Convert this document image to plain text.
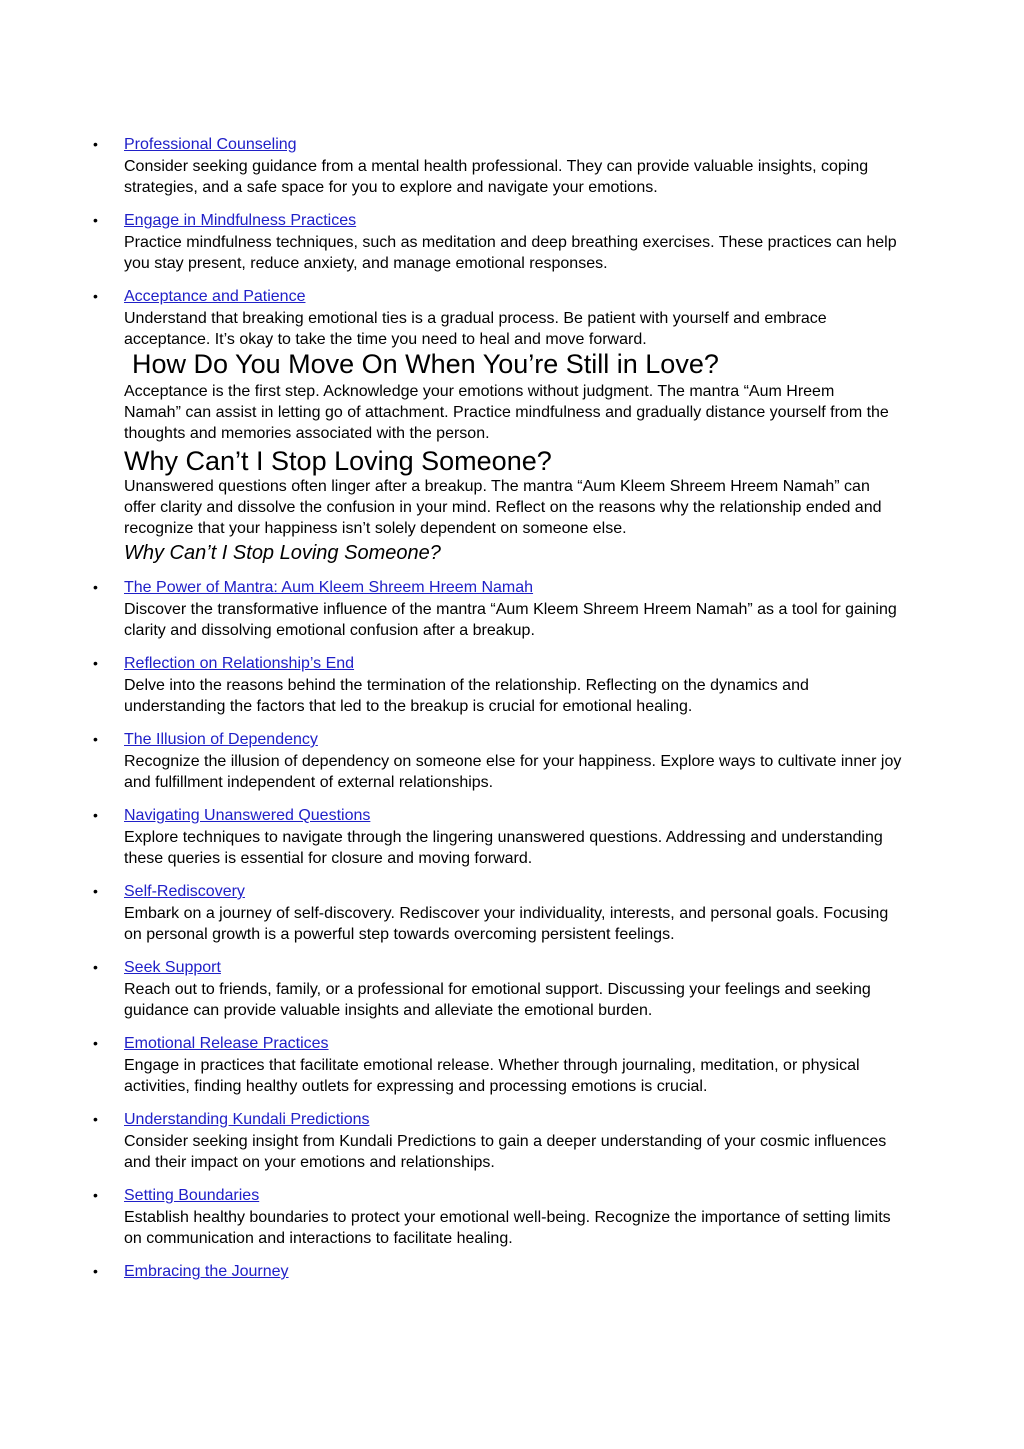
• Professional Counseling
Consider seeking guidance from a mental health professional. They can provide valuable insights, coping strategies, and a safe space for you to explore and navigate your emotions.
• Engage in Mindfulness Practices
Practice mindfulness techniques, such as meditation and deep breathing exercises. These practices can help you stay present, reduce anxiety, and manage emotional responses.
• Acceptance and Patience
Understand that breaking emotional ties is a gradual process. Be patient with yourself and embrace acceptance. It’s okay to take the time you need to heal and move forward.
How Do You Move On When You’re Still in Love?

Acceptance is the first step. Acknowledge your emotions without judgment. The mantra “Aum Hreem Namah” can assist in letting go of attachment. Practice mindfulness and gradually distance yourself from the thoughts and memories associated with the person.

Why Can’t I Stop Loving Someone?

Unanswered questions often linger after a breakup. The mantra “Aum Kleem Shreem Hreem Namah” can offer clarity and dissolve the confusion in your mind. Reflect on the reasons why the relationship ended and recognize that your happiness isn’t solely dependent on someone else.

Why Can’t I Stop Loving Someone?
• The Power of Mantra: Aum Kleem Shreem Hreem Namah
Discover the transformative influence of the mantra “Aum Kleem Shreem Hreem Namah” as a tool for gaining clarity and dissolving emotional confusion after a breakup.
• Reflection on Relationship’s End
Delve into the reasons behind the termination of the relationship. Reflecting on the dynamics and understanding the factors that led to the breakup is crucial for emotional healing.
• The Illusion of Dependency
Recognize the illusion of dependency on someone else for your happiness. Explore ways to cultivate inner joy and fulfillment independent of external relationships.
• Navigating Unanswered Questions
Explore techniques to navigate through the lingering unanswered questions. Addressing and understanding these queries is essential for closure and moving forward.
• Self-Rediscovery
Embark on a journey of self-discovery. Rediscover your individuality, interests, and personal goals. Focusing on personal growth is a powerful step towards overcoming persistent feelings.
• Seek Support
Reach out to friends, family, or a professional for emotional support. Discussing your feelings and seeking guidance can provide valuable insights and alleviate the emotional burden.
• Emotional Release Practices
Engage in practices that facilitate emotional release. Whether through journaling, meditation, or physical activities, finding healthy outlets for expressing and processing emotions is crucial.
• Understanding Kundali Predictions
Consider seeking insight from Kundali Predictions to gain a deeper understanding of your cosmic influences and their impact on your emotions and relationships.
• Setting Boundaries
Establish healthy boundaries to protect your emotional well-being. Recognize the importance of setting limits on communication and interactions to facilitate healing.
• Embracing the Journey
